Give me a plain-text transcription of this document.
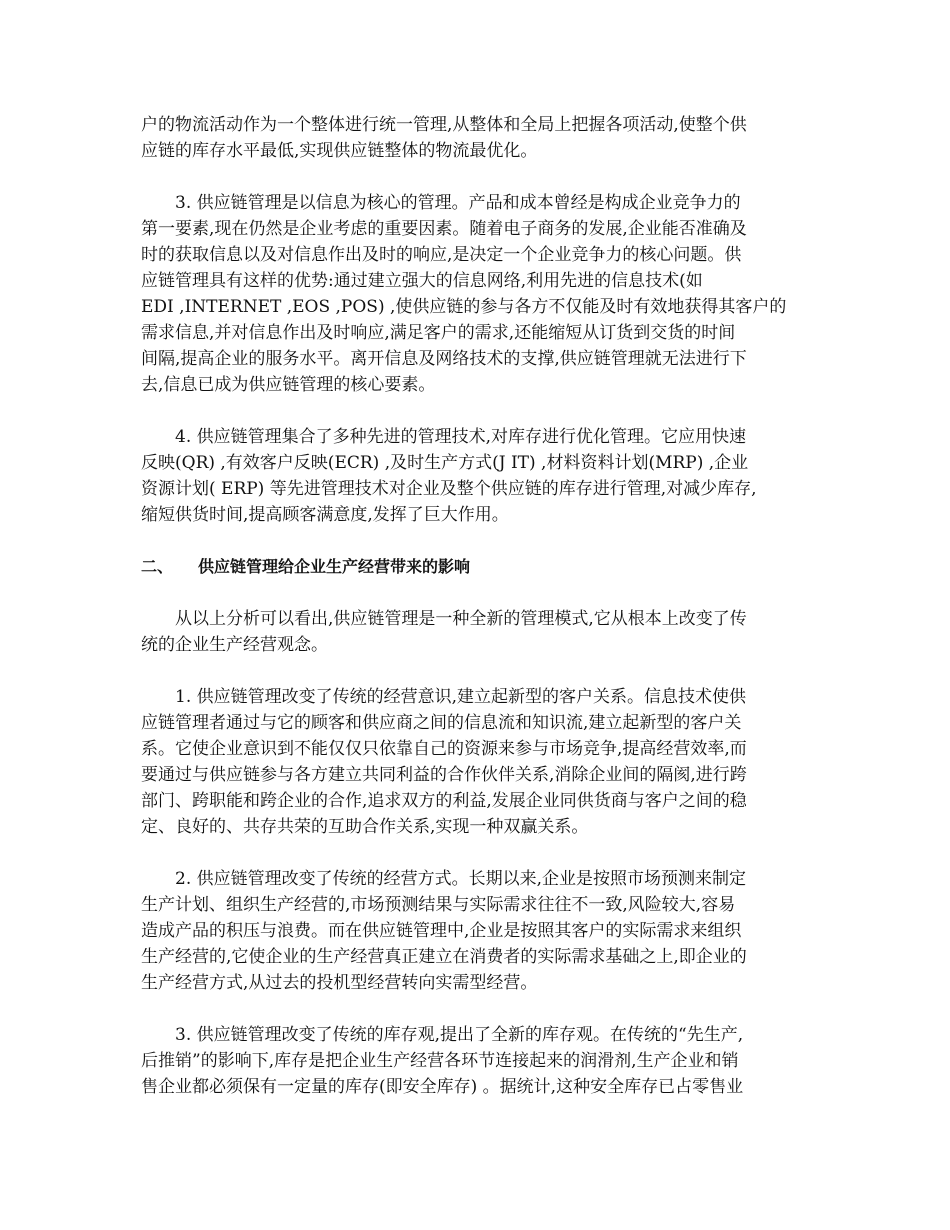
户的物流活动作为一个整体进行统一管理,从整体和全局上把握各项活动,使整个供
应链的库存水平最低,实现供应链整体的物流最优化。
　　3. 供应链管理是以信息为核心的管理。产品和成本曾经是构成企业竞争力的
第一要素,现在仍然是企业考虑的重要因素。随着电子商务的发展,企业能否准确及
时的获取信息以及对信息作出及时的响应,是决定一个企业竞争力的核心问题。供
应链管理具有这样的优势:通过建立强大的信息网络,利用先进的信息技术(如
EDI ,INTERNET ,EOS ,POS) ,使供应链的参与各方不仅能及时有效地获得其客户的
需求信息,并对信息作出及时响应,满足客户的需求,还能缩短从订货到交货的时间
间隔,提高企业的服务水平。离开信息及网络技术的支撑,供应链管理就无法进行下
去,信息已成为供应链管理的核心要素。
　　4. 供应链管理集合了多种先进的管理技术,对库存进行优化管理。它应用快速
反映(QR) ,有效客户反映(ECR) ,及时生产方式(J IT) ,材料资料计划(MRP) ,企业
资源计划( ERP) 等先进管理技术对企业及整个供应链的库存进行管理,对减少库存,
缩短供货时间,提高顾客满意度,发挥了巨大作用。
二、 供应链管理给企业生产经营带来的影响
　　从以上分析可以看出,供应链管理是一种全新的管理模式,它从根本上改变了传
统的企业生产经营观念。
　　1. 供应链管理改变了传统的经营意识,建立起新型的客户关系。信息技术使供
应链管理者通过与它的顾客和供应商之间的信息流和知识流,建立起新型的客户关
系。它使企业意识到不能仅仅只依靠自己的资源来参与市场竞争,提高经营效率,而
要通过与供应链参与各方建立共同利益的合作伙伴关系,消除企业间的隔阂,进行跨
部门、跨职能和跨企业的合作,追求双方的利益,发展企业同供货商与客户之间的稳
定、良好的、共存共荣的互助合作关系,实现一种双赢关系。
　　2. 供应链管理改变了传统的经营方式。长期以来,企业是按照市场预测来制定
生产计划、组织生产经营的,市场预测结果与实际需求往往不一致,风险较大,容易
造成产品的积压与浪费。而在供应链管理中,企业是按照其客户的实际需求来组织
生产经营的,它使企业的生产经营真正建立在消费者的实际需求基础之上,即企业的
生产经营方式,从过去的投机型经营转向实需型经营。
　　3. 供应链管理改变了传统的库存观,提出了全新的库存观。在传统的“先生产,
后推销”的影响下,库存是把企业生产经营各环节连接起来的润滑剂,生产企业和销
售企业都必须保有一定量的库存(即安全库存) 。据统计,这种安全库存已占零售业
